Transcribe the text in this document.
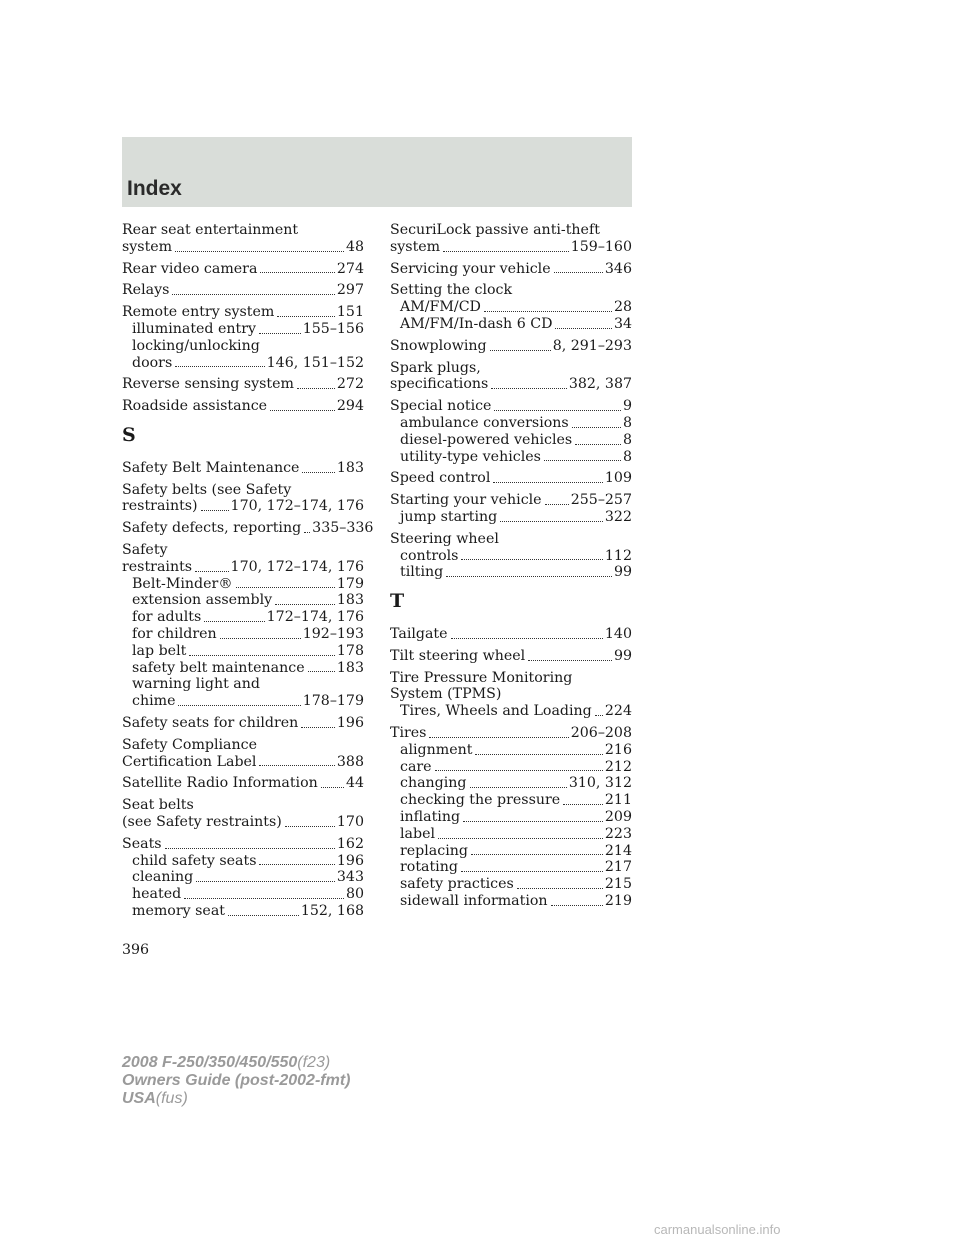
Index
Rear seat entertainment
system	48
Rear video camera	274
Relays	297
Remote entry system	151
illuminated entry	155–156
locking/unlocking
doors	146, 151–152
Reverse sensing system	272
Roadside assistance	294
S
Safety Belt Maintenance	183
Safety belts (see Safety
restraints) 170, 172–174, 176
Safety defects, reporting 335–336
Safety
restraints	170, 172–174, 176
Belt-Minder®	179
extension assembly	183
for adults	172–174, 176
for children	192–193
lap belt	178
safety belt maintenance 183
warning light and
chime	178–179
Safety seats for children	196
Safety Compliance
Certification Label	388
Satellite Radio Information 44
Seat belts
(see Safety restraints)	170
Seats	162
child safety seats	196
cleaning	343
heated	80
memory seat	152, 168
SecuriLock passive anti-theft
system	159–160
Servicing your vehicle	346
Setting the clock
AM/FM/CD	28
AM/FM/In-dash 6 CD	34
Snowplowing	8, 291–293
Spark plugs,
specifications	382, 387
Special notice	9
ambulance conversions	8
diesel-powered vehicles	8
utility-type vehicles	8
Speed control	109
Starting your vehicle 255–257
jump starting	322
Steering wheel
controls	112
tilting	99
T
Tailgate	140
Tilt steering wheel	99
Tire Pressure Monitoring
System (TPMS)
Tires, Wheels and Loading 224
Tires	206–208
alignment	216
care	212
changing	310, 312
checking the pressure	211
inflating	209
label	223
replacing	214
rotating	217
safety practices	215
sidewall information	219
396
2008 F-250/350/450/550(f23)
Owners Guide (post-2002-fmt)
USA(fus)
carmanualsonline.info
